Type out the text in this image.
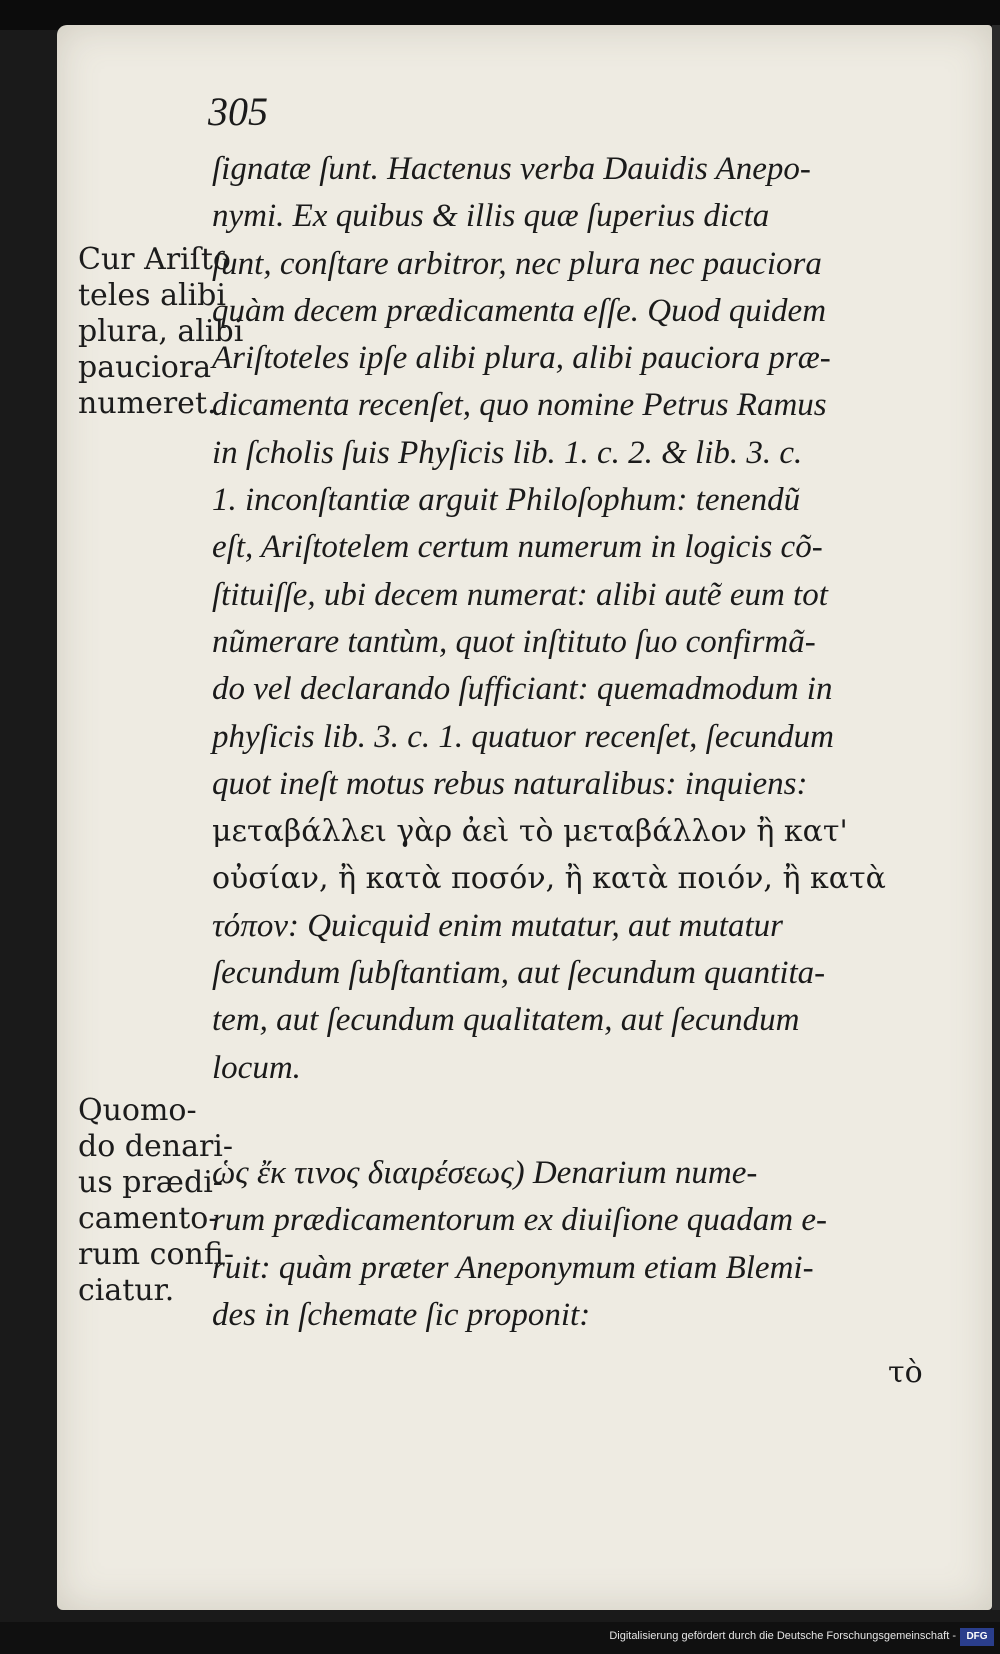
305

ſignatæ ſunt. Hactenus verba Dauidis Anepo-
nymi. Ex quibus & illis quæ ſuperius dicta
ſunt, conſtare arbitror, nec plura nec pauciora
quàm decem prædicamenta eſſe. Quod quidem
Ariſtoteles ipſe alibi plura, alibi pauciora præ-
dicamenta recenſet, quo nomine Petrus Ramus
in ſcholis ſuis Phyſicis lib. 1. c. 2. & lib. 3. c.
1. inconſtantiæ arguit Philoſophum: tenendũ
eſt, Ariſtotelem certum numerum in logicis cõ-
ſtituiſſe, ubi decem numerat: alibi autẽ eum tot
nũmerare tantùm, quot inſtituto ſuo confirmã-
do vel declarando ſufficiant: quemadmodum in
phyſicis lib. 3. c. 1. quatuor recenſet, ſecundum
quot ineſt motus rebus naturalibus: inquiens:
μεταβάλλει γὰρ ἀεὶ τὸ μεταβάλλον ἢ κατ'
οὐσίαν, ἢ κατὰ ποσόν, ἢ κατὰ ποιόν, ἢ κατὰ
τόπον: Quicquid enim mutatur, aut mutatur
ſecundum ſubſtantiam, aut ſecundum quantita-
tem, aut ſecundum qualitatem, aut ſecundum
locum.
ὡς ἔκ τινος διαιρέσεως) Denarium nume-
rum prædicamentorum ex diuiſione quadam e-
ruit: quàm præter Aneponymum etiam Blemi-
des in ſchemate ſic proponit:
Cur Ariſto
teles alibi
plura, alibi
pauciora
numeret.
Quomo-
do denari-
us prædi-
camento-
rum confi-
ciatur.
τὸ

Digitalisierung gefördert durch die Deutsche Forschungsgemeinschaft -	DFG
